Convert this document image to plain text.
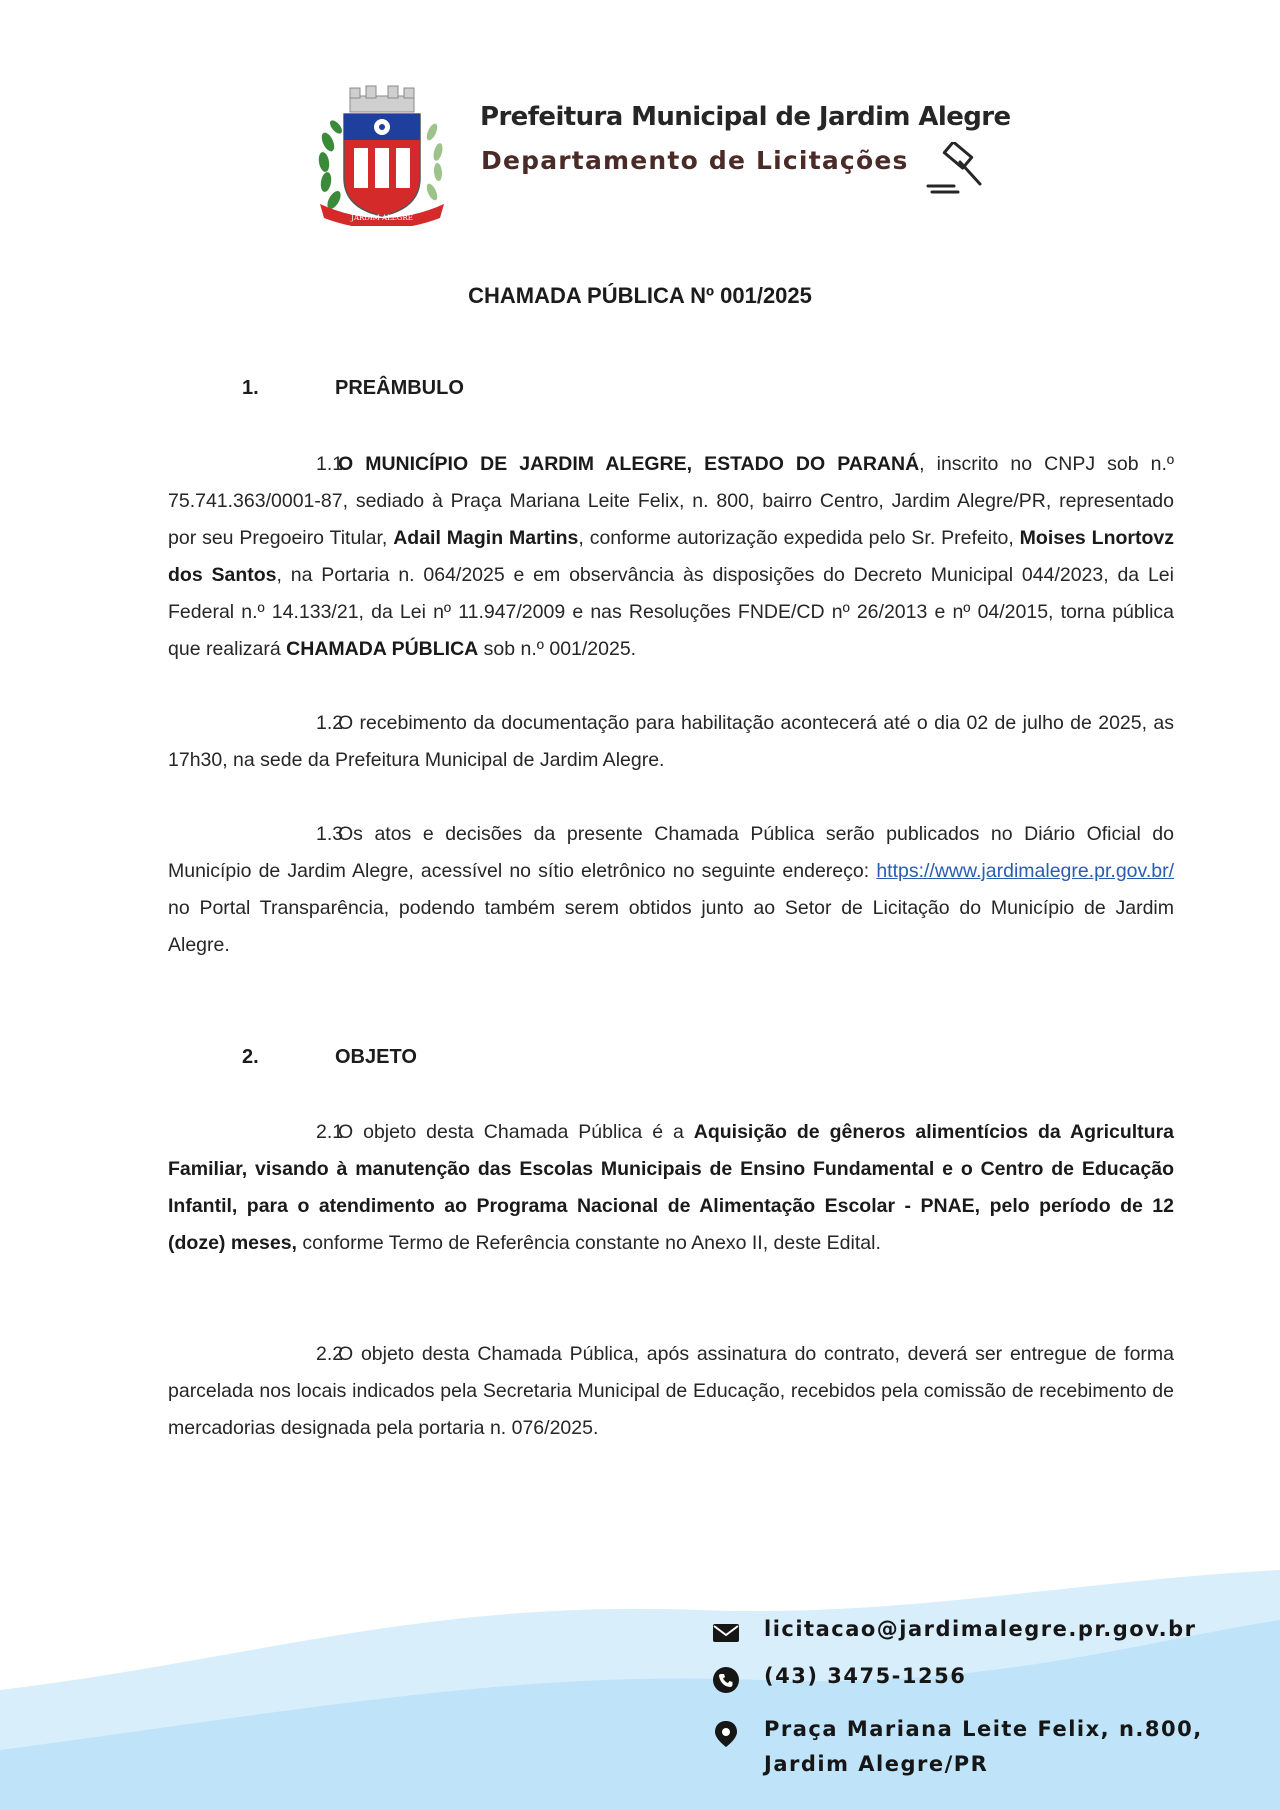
JARDIM ALEGRE
Prefeitura Municipal de Jardim Alegre
Departamento de Licitações
CHAMADA PÚBLICA Nº 001/2025
1.	PREÂMBULO
1.1O MUNICÍPIO DE JARDIM ALEGRE, ESTADO DO PARANÁ, inscrito no CNPJ sob n.º 75.741.363/0001-87, sediado à Praça Mariana Leite Felix, n. 800, bairro Centro, Jardim Alegre/PR, representado por seu Pregoeiro Titular, Adail Magin Martins, conforme autorização expedida pelo Sr. Prefeito, Moises Lnortovz dos Santos, na Portaria n. 064/2025 e em observância às disposições do Decreto Municipal 044/2023, da Lei Federal n.º 14.133/21, da Lei nº 11.947/2009 e nas Resoluções FNDE/CD nº 26/2013 e nº 04/2015, torna pública que realizará CHAMADA PÚBLICA sob n.º 001/2025.
1.2O recebimento da documentação para habilitação acontecerá até o dia 02 de julho de 2025, as 17h30, na sede da Prefeitura Municipal de Jardim Alegre.
1.3Os atos e decisões da presente Chamada Pública serão publicados no Diário Oficial do Município de Jardim Alegre, acessível no sítio eletrônico no seguinte endereço: https://www.jardimalegre.pr.gov.br/ no Portal Transparência, podendo também serem obtidos junto ao Setor de Licitação do Município de Jardim Alegre.
2.	OBJETO
2.1O objeto desta Chamada Pública é a Aquisição de gêneros alimentícios da Agricultura Familiar, visando à manutenção das Escolas Municipais de Ensino Fundamental e o Centro de Educação Infantil, para o atendimento ao Programa Nacional de Alimentação Escolar - PNAE, pelo período de 12 (doze) meses, conforme Termo de Referência constante no Anexo II, deste Edital.
2.2O objeto desta Chamada Pública, após assinatura do contrato, deverá ser entregue de forma parcelada nos locais indicados pela Secretaria Municipal de Educação, recebidos pela comissão de recebimento de mercadorias designada pela portaria n. 076/2025.
licitacao@jardimalegre.pr.gov.br
(43) 3475-1256
Praça Mariana Leite Felix, n.800, Jardim Alegre/PR
